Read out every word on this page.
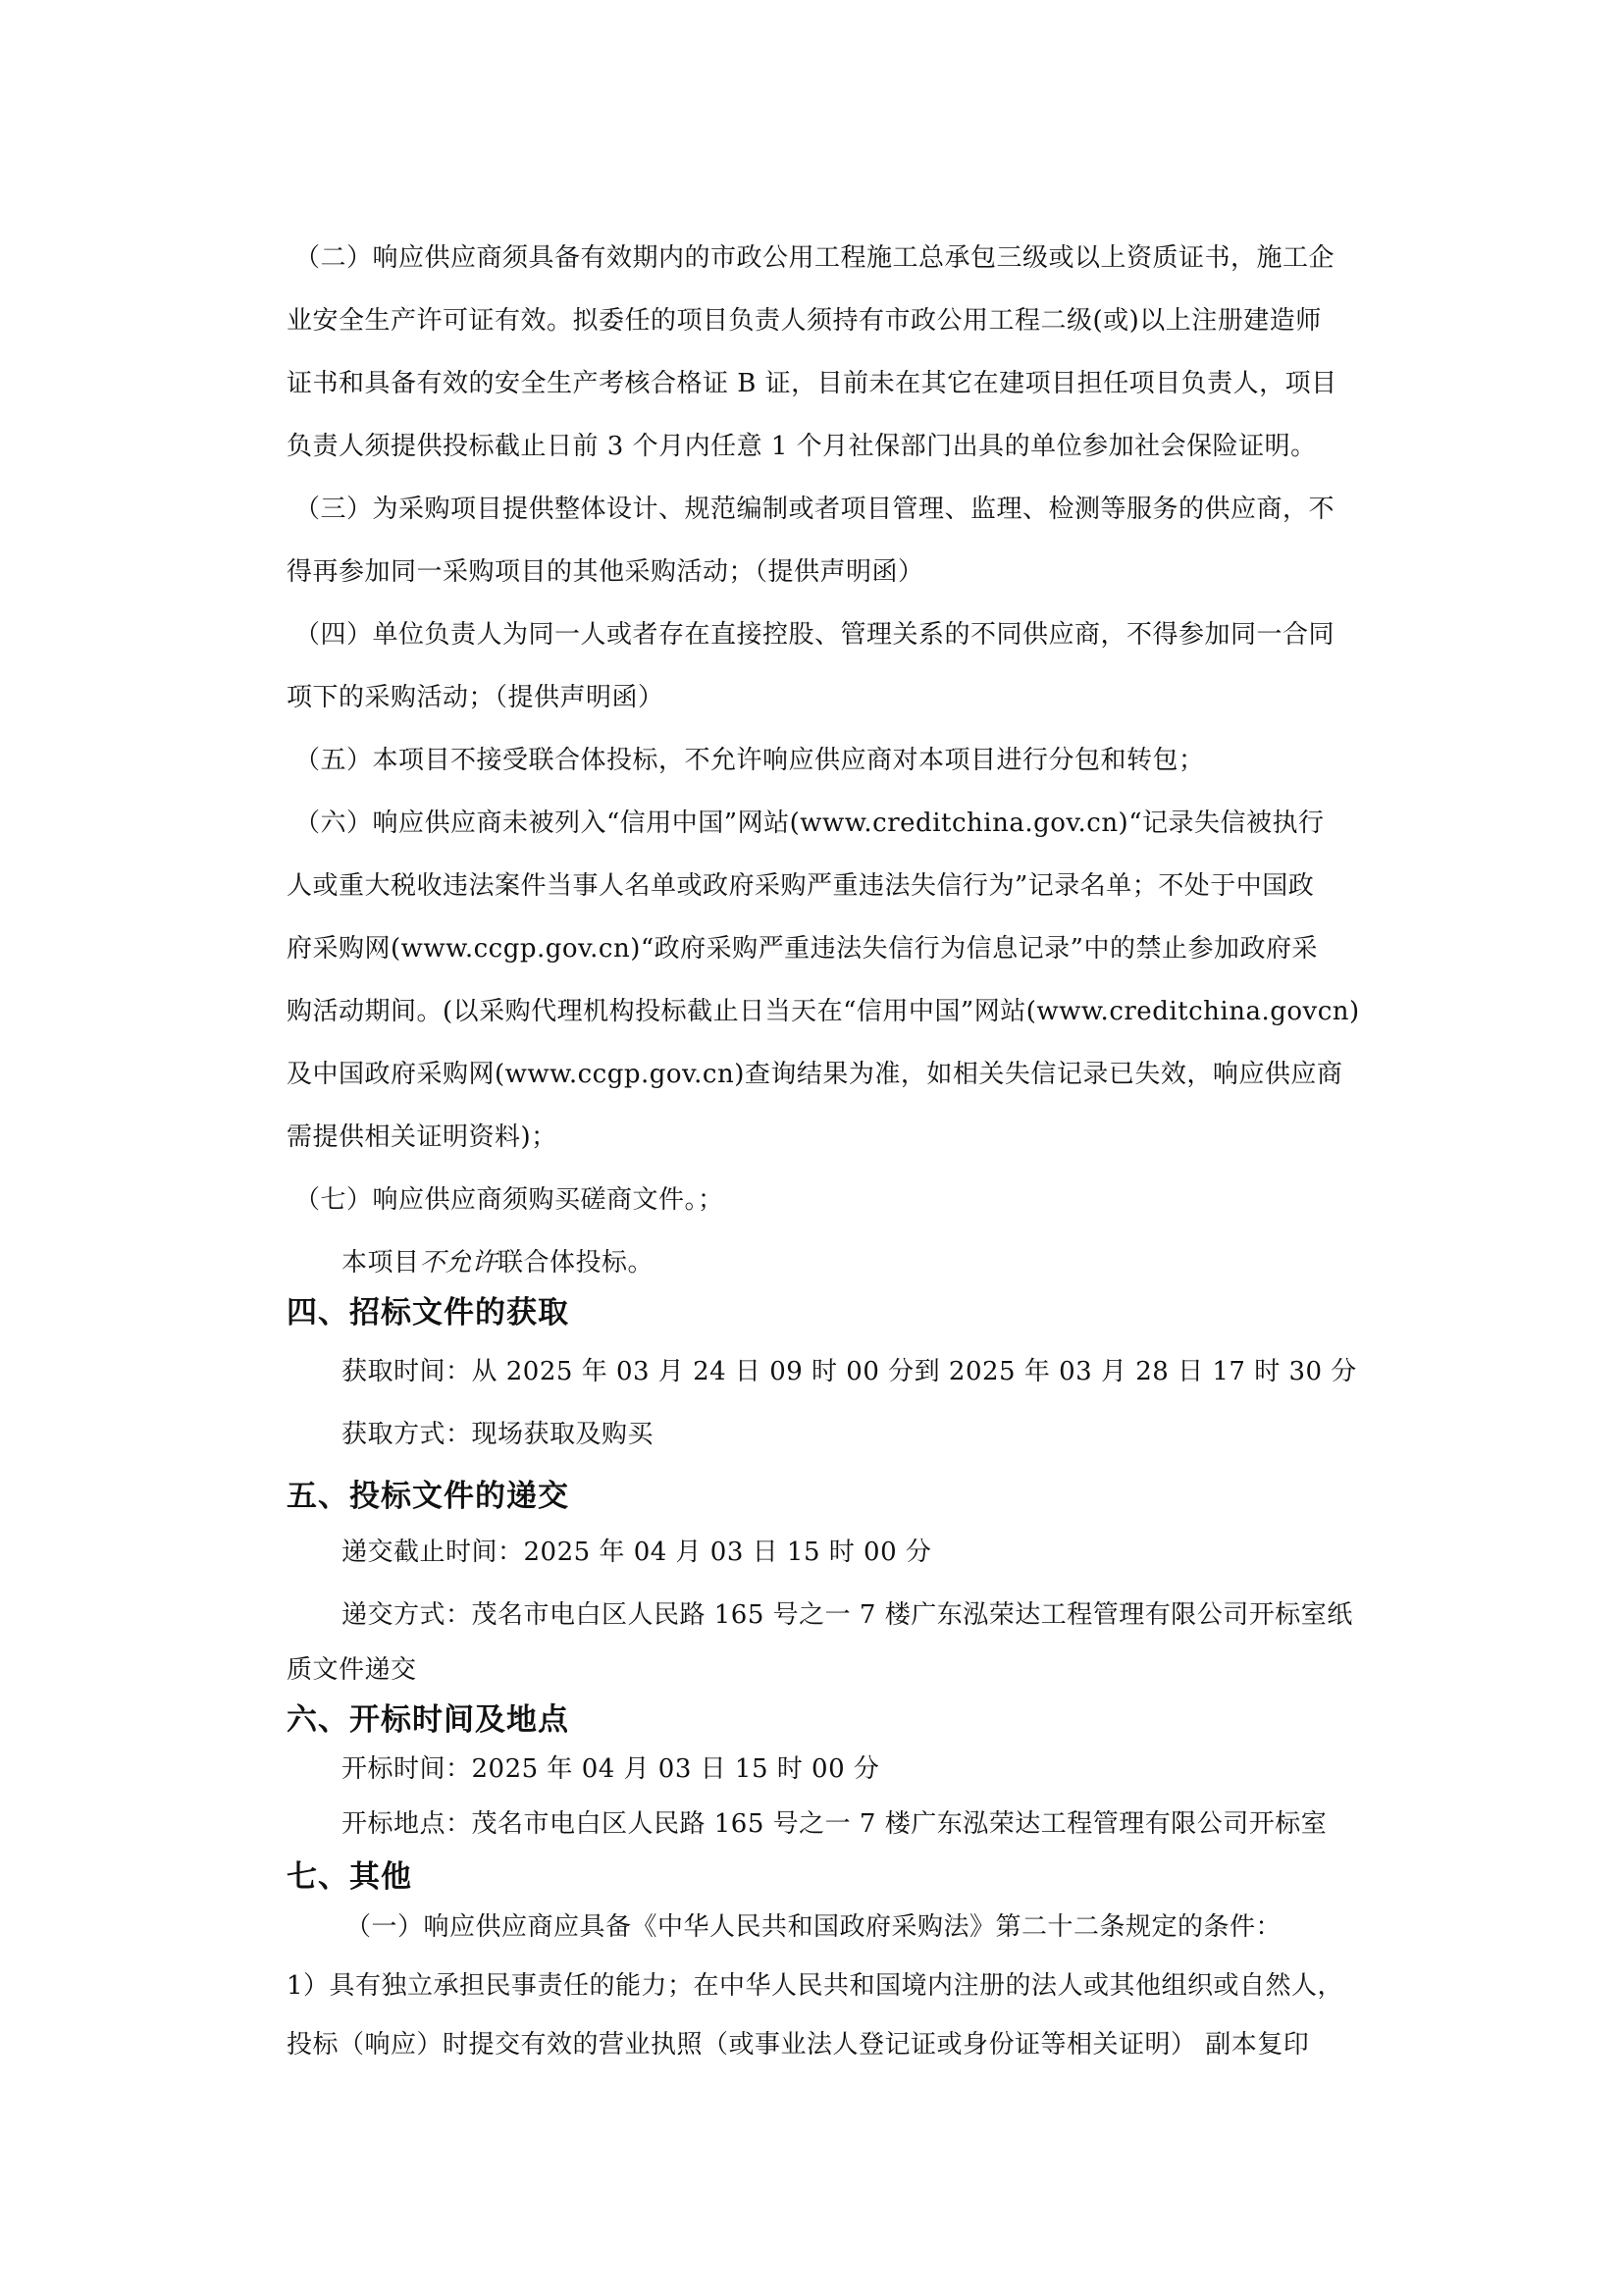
（二）响应供应商须具备有效期内的市政公用工程施工总承包三级或以上资质证书，施工企
业安全生产许可证有效。拟委任的项目负责人须持有市政公用工程二级(或)以上注册建造师
证书和具备有效的安全生产考核合格证 B 证，目前未在其它在建项目担任项目负责人，项目
负责人须提供投标截止日前 3 个月内任意 1 个月社保部门出具的单位参加社会保险证明。
（三）为采购项目提供整体设计、规范编制或者项目管理、监理、检测等服务的供应商，不
得再参加同一采购项目的其他采购活动；（提供声明函）
（四）单位负责人为同一人或者存在直接控股、管理关系的不同供应商，不得参加同一合同
项下的采购活动；（提供声明函）
（五）本项目不接受联合体投标，不允许响应供应商对本项目进行分包和转包；
（六）响应供应商未被列入“信用中国”网站(www.creditchina.gov.cn)“记录失信被执行
人或重大税收违法案件当事人名单或政府采购严重违法失信行为”记录名单；不处于中国政
府采购网(www.ccgp.gov.cn)“政府采购严重违法失信行为信息记录”中的禁止参加政府采
购活动期间。(以采购代理机构投标截止日当天在“信用中国”网站(www.creditchina.govcn)
及中国政府采购网(www.ccgp.gov.cn)查询结果为准，如相关失信记录已失效，响应供应商
需提供相关证明资料)；
（七）响应供应商须购买磋商文件。；
本项目不允许联合体投标。
四、招标文件的获取
获取时间：从 2025 年 03 月 24 日 09 时 00 分到 2025 年 03 月 28 日 17 时 30 分
获取方式：现场获取及购买
五、投标文件的递交
递交截止时间：2025 年 04 月 03 日 15 时 00 分
递交方式：茂名市电白区人民路 165 号之一 7 楼广东泓荣达工程管理有限公司开标室纸
质文件递交
六、开标时间及地点
开标时间：2025 年 04 月 03 日 15 时 00 分
开标地点：茂名市电白区人民路 165 号之一 7 楼广东泓荣达工程管理有限公司开标室
七、其他
（一）响应供应商应具备《中华人民共和国政府采购法》第二十二条规定的条件：
1）具有独立承担民事责任的能力；在中华人民共和国境内注册的法人或其他组织或自然人，
投标（响应）时提交有效的营业执照（或事业法人登记证或身份证等相关证明） 副本复印
